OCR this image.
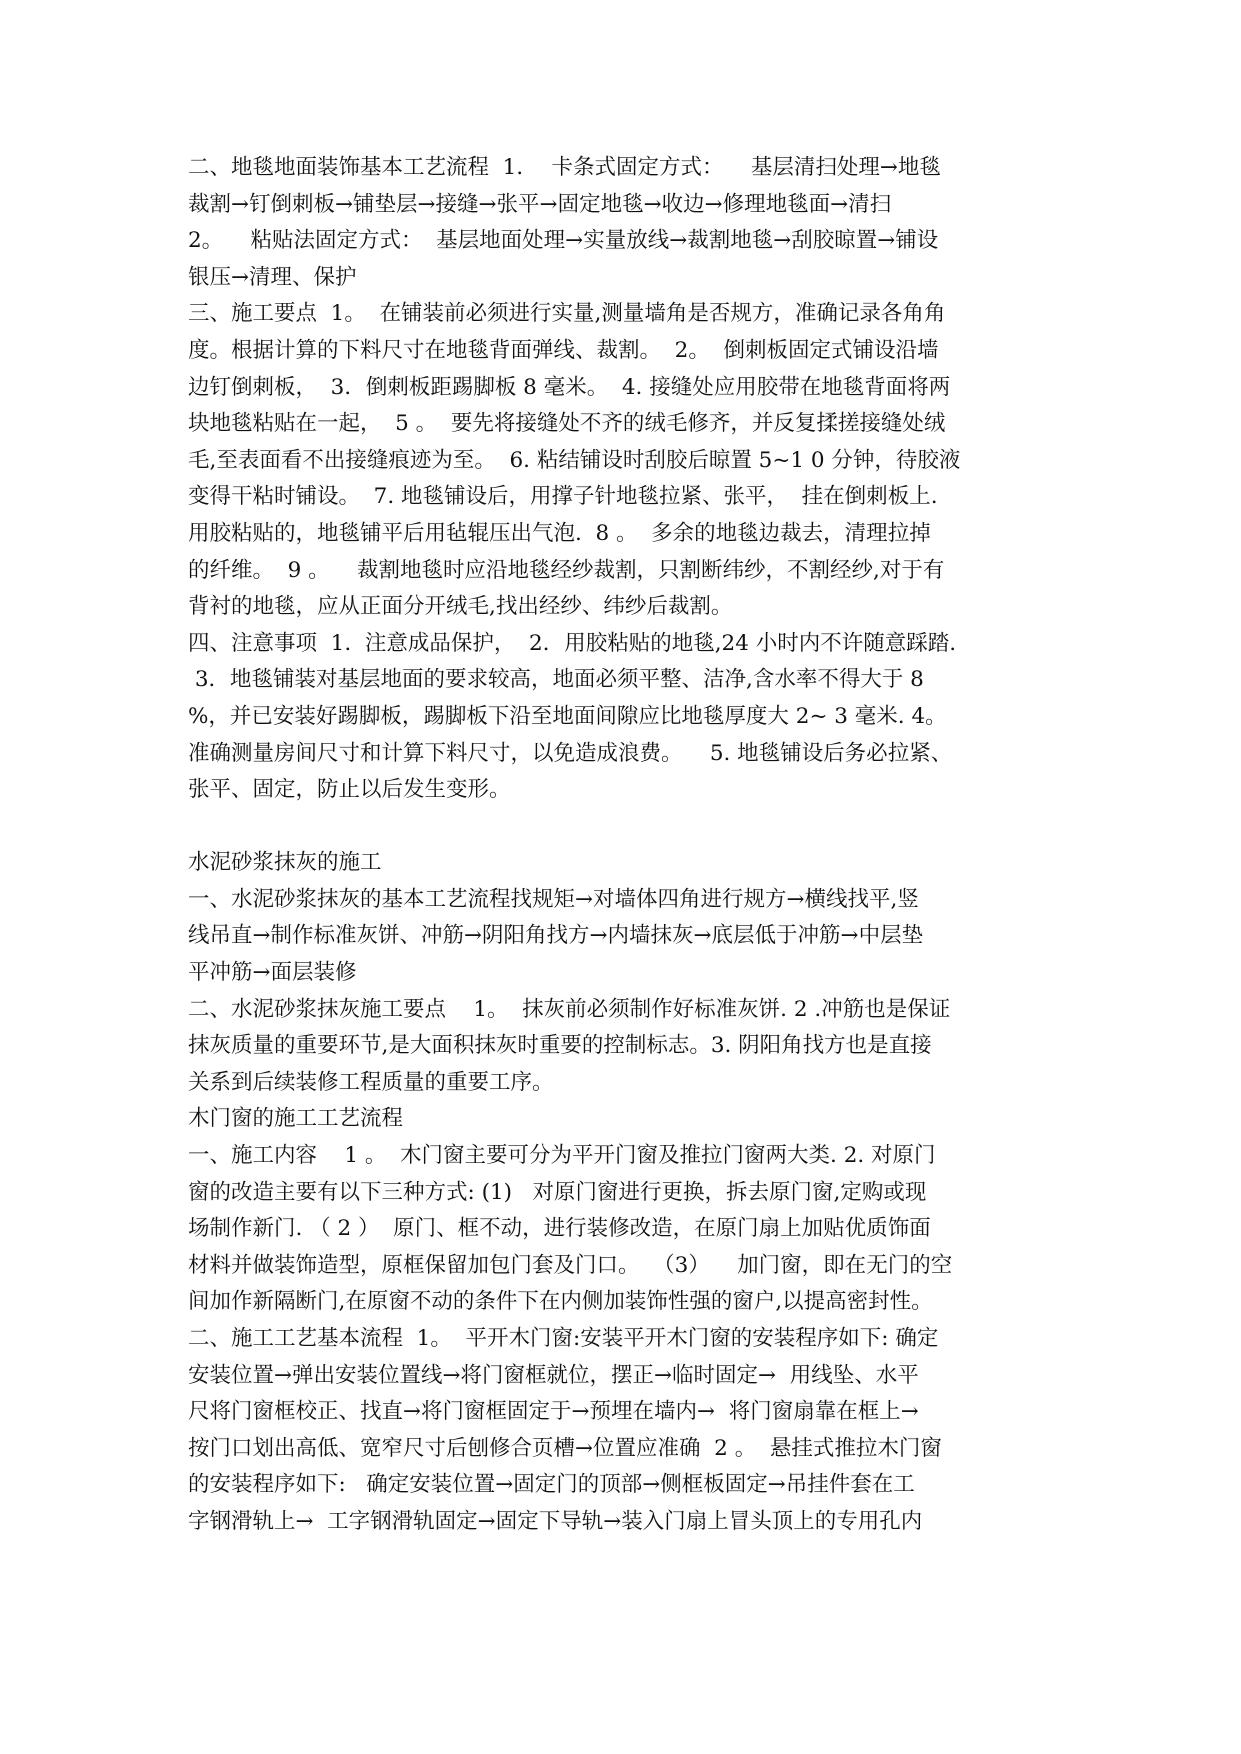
二、地毯地面装饰基本工艺流程  1．  卡条式固定方式：    基层清扫处理→地毯
裁割→钉倒刺板→铺垫层→接缝→张平→固定地毯→收边→修理地毯面→清扫
2。    粘贴法固定方式：  基层地面处理→实量放线→裁割地毯→刮胶晾置→铺设
银压→清理、保护
三、施工要点  1。  在铺装前必须进行实量,测量墙角是否规方，准确记录各角角
度。根据计算的下料尺寸在地毯背面弹线、裁割。  2。  倒刺板固定式铺设沿墙
边钉倒刺板，  3．倒刺板距踢脚板 8 毫米。  4. 接缝处应用胶带在地毯背面将两
块地毯粘贴在一起，  5 。  要先将接缝处不齐的绒毛修齐，并反复揉搓接缝处绒
毛,至表面看不出接缝痕迹为至。  6. 粘结铺设时刮胶后晾置 5~1 0 分钟，待胶液
变得干粘时铺设。  7. 地毯铺设后，用撑子针地毯拉紧、张平，  挂在倒刺板上.
用胶粘贴的，地毯铺平后用毡辊压出气泡.  8 。  多余的地毯边裁去，清理拉掉
的纤维。  9 。    裁割地毯时应沿地毯经纱裁割，只割断纬纱，不割经纱,对于有
背衬的地毯，应从正面分开绒毛,找出经纱、纬纱后裁割。
四、注意事项  1.  注意成品保护，  2．用胶粘贴的地毯,24 小时内不许随意踩踏.
3．地毯铺装对基层地面的要求较高，地面必须平整、洁净,含水率不得大于 8
%，并已安装好踢脚板，踢脚板下沿至地面间隙应比地毯厚度大 2~ 3 毫米. 4。
准确测量房间尺寸和计算下料尺寸，以免造成浪费。    5. 地毯铺设后务必拉紧、
张平、固定，防止以后发生变形。
水泥砂浆抹灰的施工
一、水泥砂浆抹灰的基本工艺流程找规矩→对墙体四角进行规方→横线找平,竖
线吊直→制作标准灰饼、冲筋→阴阳角找方→内墙抹灰→底层低于冲筋→中层垫
平冲筋→面层装修
二、水泥砂浆抹灰施工要点    1。  抹灰前必须制作好标准灰饼. 2 .冲筋也是保证
抹灰质量的重要环节,是大面积抹灰时重要的控制标志。3. 阴阳角找方也是直接
关系到后续装修工程质量的重要工序。
木门窗的施工工艺流程
一、施工内容    1 。  木门窗主要可分为平开门窗及推拉门窗两大类. 2. 对原门
窗的改造主要有以下三种方式: (1)   对原门窗进行更换，拆去原门窗,定购或现
场制作新门. （ 2 ）  原门、框不动，进行装修改造，在原门扇上加贴优质饰面
材料并做装饰造型，原框保留加包门套及门口。  （3）    加门窗，即在无门的空
间加作新隔断门,在原窗不动的条件下在内侧加装饰性强的窗户,以提高密封性。
二、施工工艺基本流程  1。  平开木门窗:安装平开木门窗的安装程序如下: 确定
安装位置→弹出安装位置线→将门窗框就位，摆正→临时固定→  用线坠、水平
尺将门窗框校正、找直→将门窗框固定于→预埋在墙内→  将门窗扇靠在框上→
按门口划出高低、宽窄尺寸后刨修合页槽→位置应准确  2 。  悬挂式推拉木门窗
的安装程序如下:   确定安装位置→固定门的顶部→侧框板固定→吊挂件套在工
字钢滑轨上→  工字钢滑轨固定→固定下导轨→装入门扇上冒头顶上的专用孔内
